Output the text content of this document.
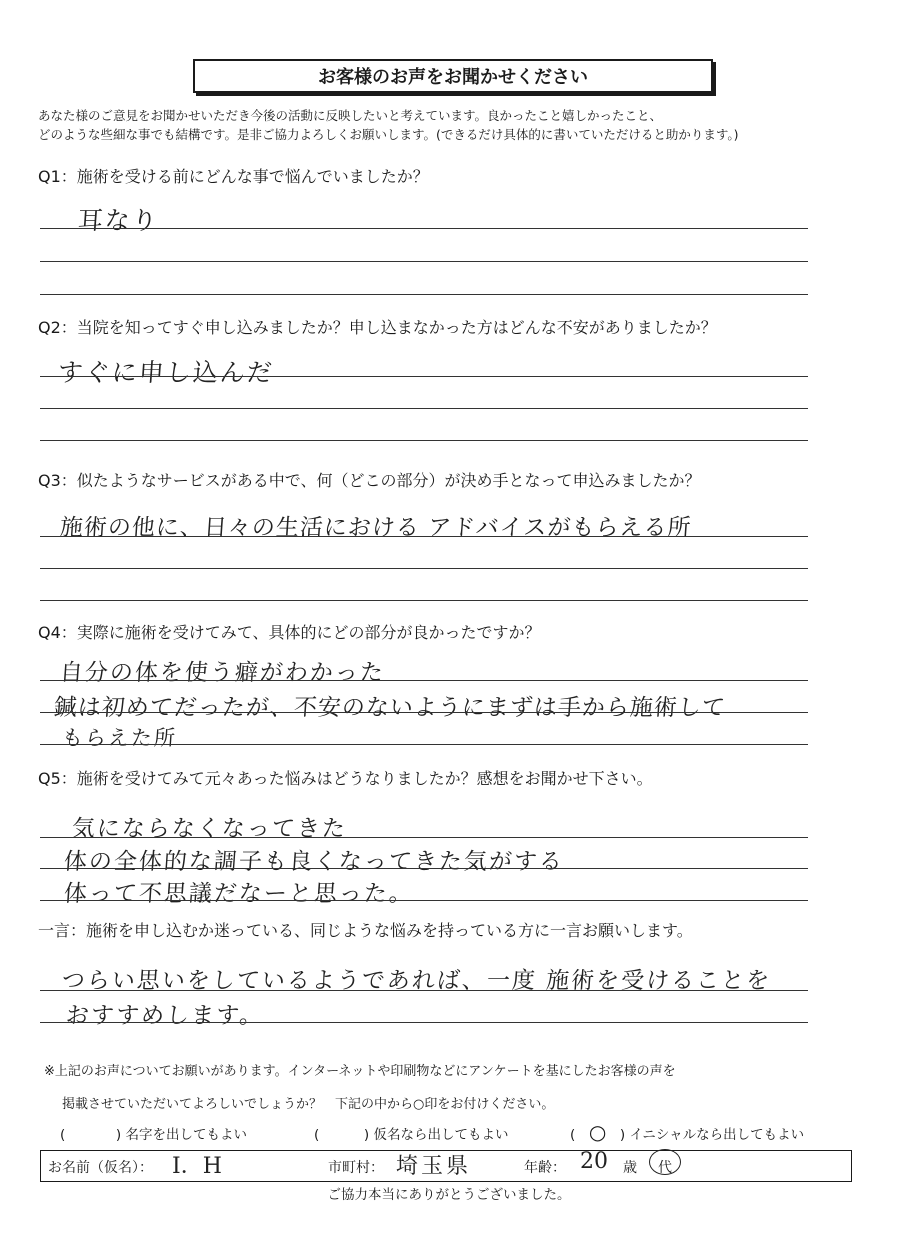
お客様のお声をお聞かせください
あなた様のご意見をお聞かせいただき今後の活動に反映したいと考えています。良かったこと嬉しかったこと、
どのような些細な事でも結構です。是非ご協力よろしくお願いします。(できるだけ具体的に書いていただけると助かります。)
Q1：施術を受ける前にどんな事で悩んでいましたか？
耳なり
Q2：当院を知ってすぐ申し込みましたか？申し込まなかった方はどんな不安がありましたか？
すぐに申し込んだ
Q3：似たようなサービスがある中で、何（どこの部分）が決め手となって申込みましたか？
施術の他に、日々の生活における アドバイスがもらえる所
Q4：実際に施術を受けてみて、具体的にどの部分が良かったですか？
自分の体を使う癖がわかった
鍼は初めてだったが、不安のないようにまずは手から施術して
もらえた所
Q5：施術を受けてみて元々あった悩みはどうなりましたか？感想をお聞かせ下さい。
気にならなくなってきた
体の全体的な調子も良くなってきた気がする
体って不思議だなーと思った。
一言：施術を申し込むか迷っている、同じような悩みを持っている方に一言お願いします。
つらい思いをしているようであれば、一度 施術を受けることを
おすすめします。
※上記のお声についてお願いがあります。インターネットや印刷物などにアンケートを基にしたお客様の声を
掲載させていただいてよろしいでしょうか？　下記の中から○印をお付けください。
(	) 名字を出してもよい	(	) 仮名なら出してもよい	( ○ ) イニシャルなら出してもよい
お名前（仮名）： I．H	市町村： 埼玉県	年齢： 20 歳 代
ご協力本当にありがとうございました。
